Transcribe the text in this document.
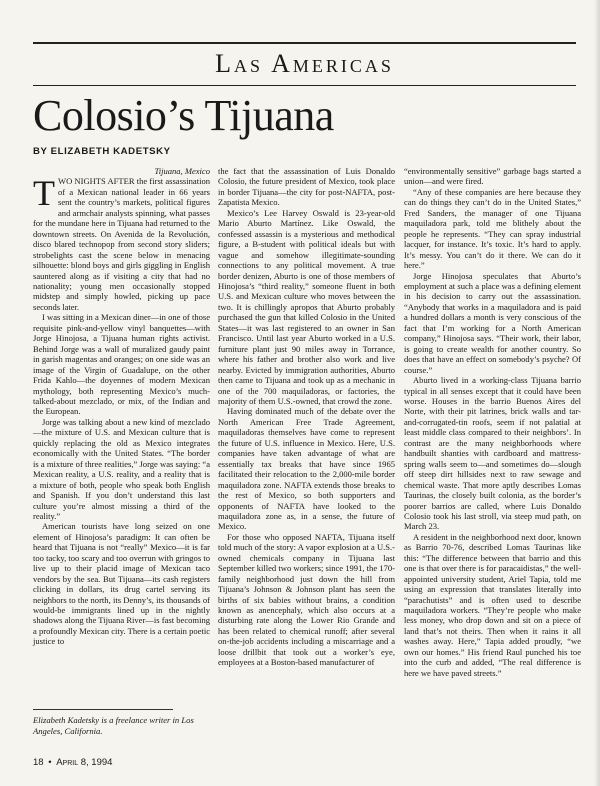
Las Americas
Colosio’s Tijuana
BY ELIZABETH KADETSKY

Tijuana, Mexico

TWO NIGHTS AFTER the first assassination of a Mexican national leader in 66 years sent the country’s markets, political figures and armchair analysts spinning, what passes for the mundane here in Tijuana had returned to the downtown streets. On Avenida de la Revolución, disco blared technopop from second story sliders; strobelights cast the scene below in menacing silhouette: blond boys and girls giggling in English sauntered along as if visiting a city that had no nationality; young men occasionally stopped midstep and simply howled, picking up pace seconds later.

I was sitting in a Mexican diner—in one of those requisite pink-and-yellow vinyl banquettes—with Jorge Hinojosa, a Tijuana human rights activist. Behind Jorge was a wall of muralized gaudy paint in garish magentas and oranges; on one side was an image of the Virgin of Guadalupe, on the other Frida Kahlo—the doyennes of modern Mexican mythology, both representing Mexico’s much-talked-about mezclado, or mix, of the Indian and the European.

Jorge was talking about a new kind of mezclado—the mixture of U.S. and Mexican culture that is quickly replacing the old as Mexico integrates economically with the United States. “The border is a mixture of three realities,” Jorge was saying: “a Mexican reality, a U.S. reality, and a reality that is a mixture of both, people who speak both English and Spanish. If you don’t understand this last culture you’re almost missing a third of the reality.”

American tourists have long seized on one element of Hinojosa’s paradigm: It can often be heard that Tijuana is not “really” Mexico—it is far too tacky, too scary and too overrun with gringos to live up to their placid image of Mexican taco vendors by the sea. But Tijuana—its cash registers clicking in dollars, its drug cartel serving its neighbors to the north, its Denny’s, its thousands of would-be immigrants lined up in the nightly shadows along the Tijuana River—is fast becoming a profoundly Mexican city. There is a certain poetic justice to

the fact that the assassination of Luis Donaldo Colosio, the future president of Mexico, took place in border Tijuana—the city for post-NAFTA, post-Zapatista Mexico.

Mexico’s Lee Harvey Oswald is 23-year-old Mario Aburto Martínez. Like Oswald, the confessed assassin is a mysterious and methodical figure, a B-student with political ideals but with vague and somehow illegitimate-sounding connections to any political movement. A true border denizen, Aburto is one of those members of Hinojosa’s “third reality,” someone fluent in both U.S. and Mexican culture who moves between the two. It is chillingly apropos that Aburto probably purchased the gun that killed Colosio in the United States—it was last registered to an owner in San Francisco. Until last year Aburto worked in a U.S. furniture plant just 90 miles away in Torrance, where his father and brother also work and live nearby. Evicted by immigration authorities, Aburto then came to Tijuana and took up as a mechanic in one of the 700 maquiladoras, or factories, the majority of them U.S.-owned, that crowd the zone.

Having dominated much of the debate over the North American Free Trade Agreement, maquiladoras themselves have come to represent the future of U.S. influence in Mexico. Here, U.S. companies have taken advantage of what are essentially tax breaks that have since 1965 facilitated their relocation to the 2,000-mile border maquiladora zone. NAFTA extends those breaks to the rest of Mexico, so both supporters and opponents of NAFTA have looked to the maquiladora zone as, in a sense, the future of Mexico.

For those who opposed NAFTA, Tijuana itself told much of the story: A vapor explosion at a U.S.-owned chemicals company in Tijuana last September killed two workers; since 1991, the 170-family neighborhood just down the hill from Tijuana’s Johnson & Johnson plant has seen the births of six babies without brains, a condition known as anencephaly, which also occurs at a disturbing rate along the Lower Rio Grande and has been related to chemical runoff; after several on-the-job accidents including a miscarriage and a loose drillbit that took out a worker’s eye, employees at a Boston-based manufacturer of

“environmentally sensitive” garbage bags started a union—and were fired.

“Any of these companies are here because they can do things they can’t do in the United States,” Fred Sanders, the manager of one Tijuana maquiladora park, told me blithely about the people he represents. “They can spray industrial lacquer, for instance. It’s toxic. It’s hard to apply. It’s messy. You can’t do it there. We can do it here.”

Jorge Hinojosa speculates that Aburto’s employment at such a place was a defining element in his decision to carry out the assassination. “Anybody that works in a maquiladora and is paid a hundred dollars a month is very conscious of the fact that I’m working for a North American company,” Hinojosa says. “Their work, their labor, is going to create wealth for another country. So does that have an effect on somebody’s psyche? Of course.”

Aburto lived in a working-class Tijuana barrio typical in all senses except that it could have been worse. Houses in the barrio Buenos Aires del Norte, with their pit latrines, brick walls and tar-and-corrugated-tin roofs, seem if not palatial at least middle class compared to their neighbors’. In contrast are the many neighborhoods where handbuilt shanties with cardboard and mattress-spring walls seem to—and sometimes do—slough off steep dirt hillsides next to raw sewage and chemical waste. That more aptly describes Lomas Taurinas, the closely built colonia, as the border’s poorer barrios are called, where Luis Donaldo Colosio took his last stroll, via steep mud path, on March 23.

A resident in the neighborhood next door, known as Barrio 70-76, described Lomas Taurinas like this: “The difference between that barrio and this one is that over there is for paracaidistas,” the well-appointed university student, Ariel Tapia, told me using an expression that translates literally into “parachutists” and is often used to describe maquiladora workers. “They’re people who make less money, who drop down and sit on a piece of land that’s not theirs. Then when it rains it all washes away. Here,” Tapia added proudly, “we own our homes.” His friend Raul punched his toe into the curb and added, “The real difference is here we have paved streets.”

Elizabeth Kadetsky is a freelance writer in Los Angeles, California.
18 • April 8, 1994
